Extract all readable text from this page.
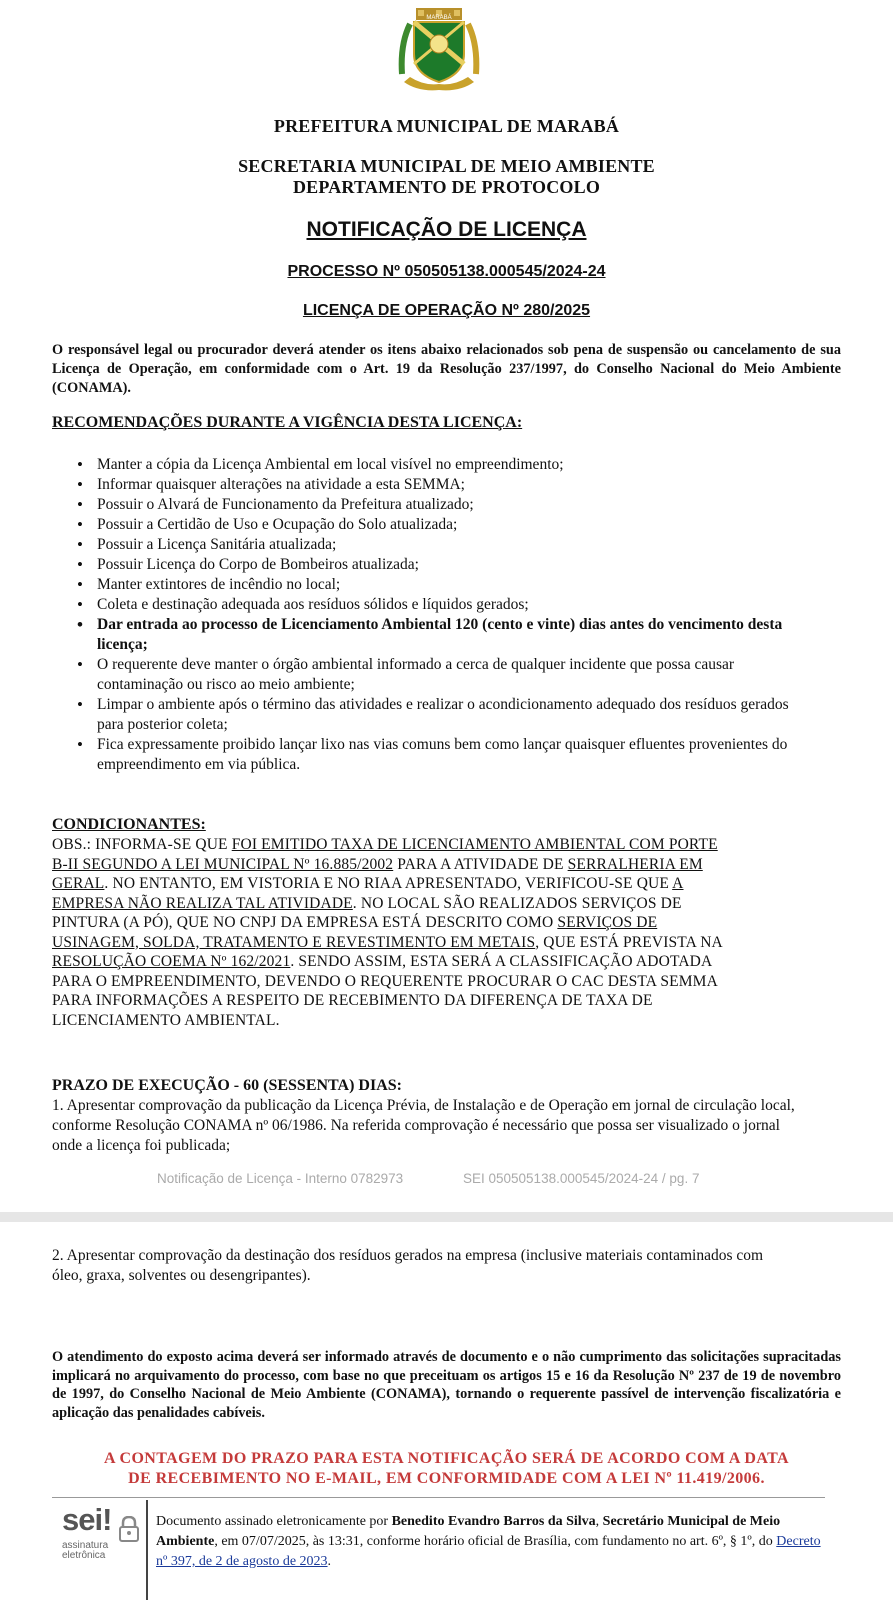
MARABÁ
PREFEITURA MUNICIPAL DE MARABÁ
SECRETARIA MUNICIPAL DE MEIO AMBIENTE
DEPARTAMENTO DE PROTOCOLO
NOTIFICAÇÃO DE LICENÇA
PROCESSO Nº 050505138.000545/2024-24
LICENÇA DE OPERAÇÃO Nº 280/2025
O responsável legal ou procurador deverá atender os itens abaixo relacionados sob pena de suspensão ou cancelamento de sua Licença de Operação, em conformidade com o Art. 19 da Resolução 237/1997, do Conselho Nacional do Meio Ambiente (CONAMA).
RECOMENDAÇÕES DURANTE A VIGÊNCIA DESTA LICENÇA:
• Manter a cópia da Licença Ambiental em local visível no empreendimento;
• Informar quaisquer alterações na atividade a esta SEMMA;
• Possuir o Alvará de Funcionamento da Prefeitura atualizado;
• Possuir a Certidão de Uso e Ocupação do Solo atualizada;
• Possuir a Licença Sanitária atualizada;
• Possuir Licença do Corpo de Bombeiros atualizada;
• Manter extintores de incêndio no local;
• Coleta e destinação adequada aos resíduos sólidos e líquidos gerados;
• Dar entrada ao processo de Licenciamento Ambiental 120 (cento e vinte) dias antes do vencimento desta licença;
• O requerente deve manter o órgão ambiental informado a cerca de qualquer incidente que possa causar contaminação ou risco ao meio ambiente;
• Limpar o ambiente após o término das atividades e realizar o acondicionamento adequado dos resíduos gerados para posterior coleta;
• Fica expressamente proibido lançar lixo nas vias comuns bem como lançar quaisquer efluentes provenientes do empreendimento em via pública.
CONDICIONANTES:
OBS.: INFORMA-SE QUE FOI EMITIDO TAXA DE LICENCIAMENTO AMBIENTAL COM PORTE
B-II SEGUNDO A LEI MUNICIPAL Nº 16.885/2002 PARA A ATIVIDADE DE SERRALHERIA EM
GERAL. NO ENTANTO, EM VISTORIA E NO RIAA APRESENTADO, VERIFICOU-SE QUE A
EMPRESA NÃO REALIZA TAL ATIVIDADE. NO LOCAL SÃO REALIZADOS SERVIÇOS DE
PINTURA (A PÓ), QUE NO CNPJ DA EMPRESA ESTÁ DESCRITO COMO SERVIÇOS DE
USINAGEM, SOLDA, TRATAMENTO E REVESTIMENTO EM METAIS, QUE ESTÁ PREVISTA NA
RESOLUÇÃO COEMA Nº 162/2021. SENDO ASSIM, ESTA SERÁ A CLASSIFICAÇÃO ADOTADA
PARA O EMPREENDIMENTO, DEVENDO O REQUERENTE PROCURAR O CAC DESTA SEMMA
PARA INFORMAÇÕES A RESPEITO DE RECEBIMENTO DA DIFERENÇA DE TAXA DE
LICENCIAMENTO AMBIENTAL.
PRAZO DE EXECUÇÃO - 60 (SESSENTA) DIAS:
1. Apresentar comprovação da publicação da Licença Prévia, de Instalação e de Operação em jornal de circulação local, conforme Resolução CONAMA nº 06/1986. Na referida comprovação é necessário que possa ser visualizado o jornal onde a licença foi publicada;
Notificação de Licença - Interno 0782973	SEI 050505138.000545/2024-24 / pg. 7
2. Apresentar comprovação da destinação dos resíduos gerados na empresa (inclusive materiais contaminados com óleo, graxa, solventes ou desengripantes).
O atendimento do exposto acima deverá ser informado através de documento e o não cumprimento das solicitações supracitadas implicará no arquivamento do processo, com base no que preceituam os artigos 15 e 16 da Resolução Nº 237 de 19 de novembro de 1997, do Conselho Nacional de Meio Ambiente (CONAMA), tornando o requerente passível de intervenção fiscalizatória e aplicação das penalidades cabíveis.
A CONTAGEM DO PRAZO PARA ESTA NOTIFICAÇÃO SERÁ DE ACORDO COM A DATA
DE RECEBIMENTO NO E-MAIL, EM CONFORMIDADE COM A LEI Nº 11.419/2006.
sei!
assinatura
eletrônica
Documento assinado eletronicamente por Benedito Evandro Barros da Silva, Secretário Municipal de Meio Ambiente, em 07/07/2025, às 13:31, conforme horário oficial de Brasília, com fundamento no art. 6º, § 1º, do Decreto nº 397, de 2 de agosto de 2023.
